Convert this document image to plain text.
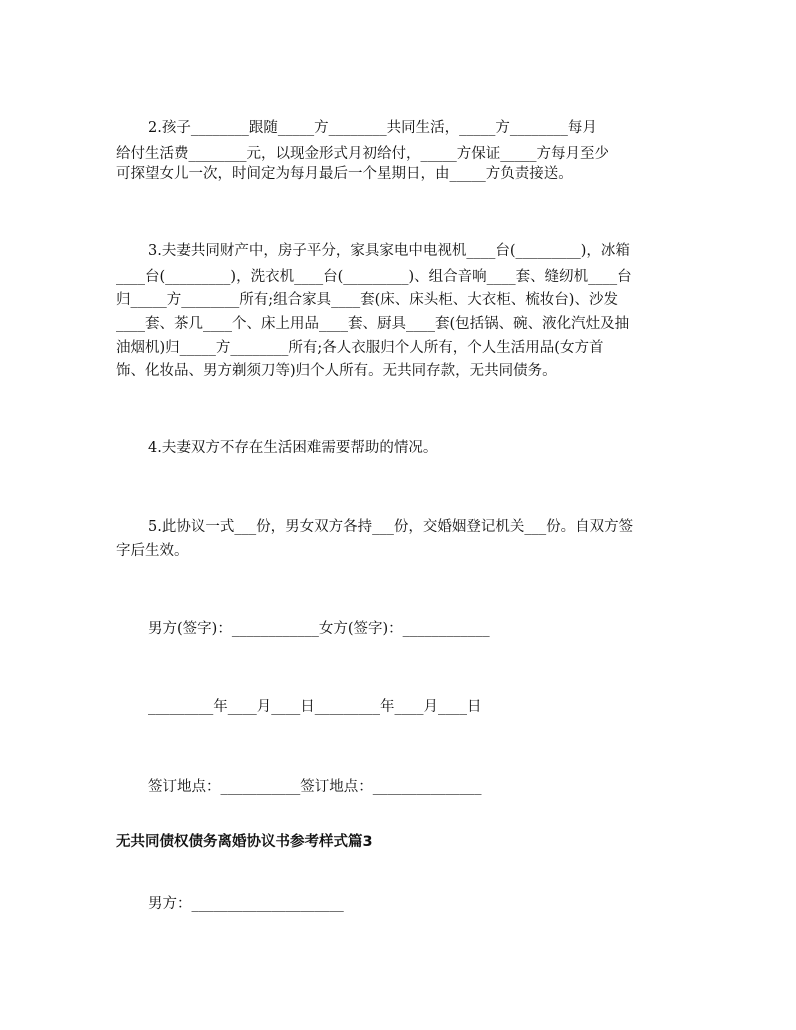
2.孩子________跟随_____方________共同生活，_____方________每月
给付生活费________元，以现金形式月初给付，_____方保证_____方每月至少
可探望女儿一次，时间定为每月最后一个星期日，由_____方负责接送。
3.夫妻共同财产中，房子平分，家具家电中电视机____台(_________)，冰箱
____台(_________)，洗衣机____台(_________)、组合音响____套、缝纫机____台
归_____方________所有;组合家具____套(床、床头柜、大衣柜、梳妆台)、沙发
____套、茶几____个、床上用品____套、厨具____套(包括锅、碗、液化汽灶及抽
油烟机)归_____方________所有;各人衣服归个人所有，个人生活用品(女方首
饰、化妆品、男方剃须刀等)归个人所有。无共同存款，无共同债务。
4.夫妻双方不存在生活困难需要帮助的情况。
5.此协议一式___份，男女双方各持___份，交婚姻登记机关___份。自双方签
字后生效。
男方(签字)：____________女方(签字)：____________
_________年____月____日_________年____月____日
签订地点：___________签订地点：_______________
无共同债权债务离婚协议书参考样式篇3
男方：_____________________
